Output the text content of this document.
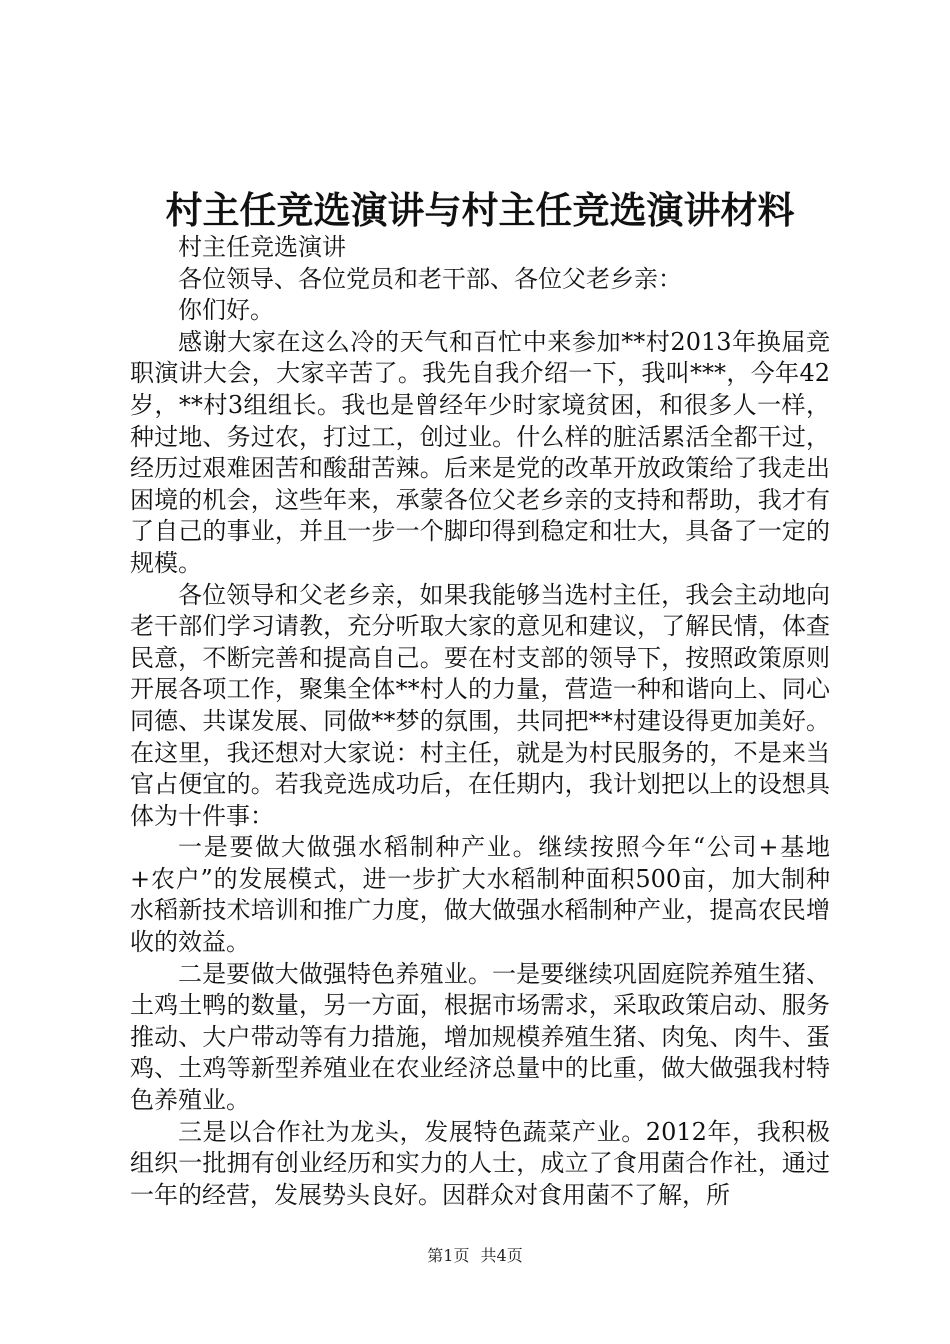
村主任竞选演讲与村主任竞选演讲材料

村主任竞选演讲

各位领导、各位党员和老干部、各位父老乡亲：

你们好。

感谢大家在这么冷的天气和百忙中来参加**村2013年换届竞职演讲大会，大家辛苦了。我先自我介绍一下，我叫***，今年42岁，**村3组组长。我也是曾经年少时家境贫困，和很多人一样，种过地、务过农，打过工，创过业。什么样的脏活累活全都干过，经历过艰难困苦和酸甜苦辣。后来是党的改革开放政策给了我走出困境的机会，这些年来，承蒙各位父老乡亲的支持和帮助，我才有了自己的事业，并且一步一个脚印得到稳定和壮大，具备了一定的规模。

各位领导和父老乡亲，如果我能够当选村主任，我会主动地向老干部们学习请教，充分听取大家的意见和建议，了解民情，体查民意，不断完善和提高自己。要在村支部的领导下，按照政策原则开展各项工作，聚集全体**村人的力量，营造一种和谐向上、同心同德、共谋发展、同做**梦的氛围，共同把**村建设得更加美好。在这里，我还想对大家说：村主任，就是为村民服务的，不是来当官占便宜的。若我竞选成功后，在任期内，我计划把以上的设想具体为十件事：

一是要做大做强水稻制种产业。继续按照今年“公司+基地+农户”的发展模式，进一步扩大水稻制种面积500亩，加大制种水稻新技术培训和推广力度，做大做强水稻制种产业，提高农民增收的效益。

二是要做大做强特色养殖业。一是要继续巩固庭院养殖生猪、土鸡土鸭的数量，另一方面，根据市场需求，采取政策启动、服务推动、大户带动等有力措施，增加规模养殖生猪、肉兔、肉牛、蛋鸡、土鸡等新型养殖业在农业经济总量中的比重，做大做强我村特色养殖业。

三是以合作社为龙头，发展特色蔬菜产业。2012年，我积极组织一批拥有创业经历和实力的人士，成立了食用菌合作社，通过一年的经营，发展势头良好。因群众对食用菌不了解，所

第1页 共4页
